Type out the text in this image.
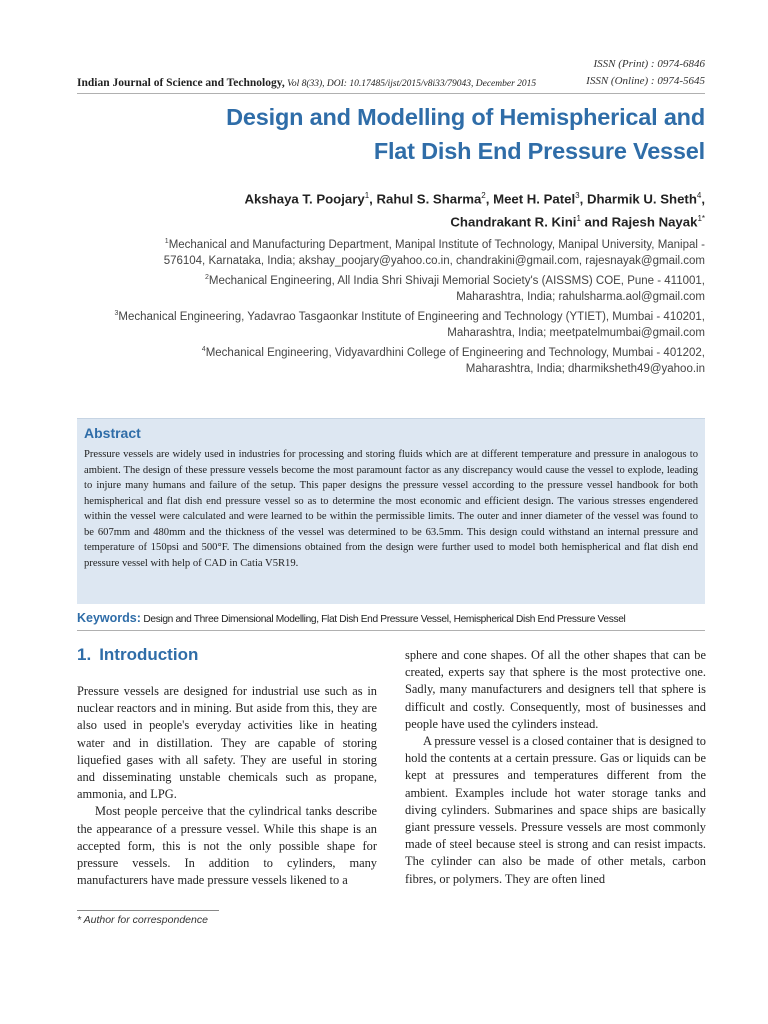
ISSN (Print) : 0974-6846
ISSN (Online) : 0974-5645
Indian Journal of Science and Technology, Vol 8(33), DOI: 10.17485/ijst/2015/v8i33/79043, December 2015
Design and Modelling of Hemispherical and
Flat Dish End Pressure Vessel
Akshaya T. Poojary$^1$, Rahul S. Sharma$^2$, Meet H. Patel$^3$, Dharmik U. Sheth$^4$,
Chandrakant R. Kini$^1$ and Rajesh Nayak$^{1*}$
$^1$Mechanical and Manufacturing Department, Manipal Institute of Technology, Manipal University, Manipal -
576104, Karnataka, India; akshay_poojary@yahoo.co.in, chandrakini@gmail.com, rajesnayak@gmail.com
$^2$Mechanical Engineering, All India Shri Shivaji Memorial Society's (AISSMS) COE, Pune - 411001,
Maharashtra, India; rahulsharma.aol@gmail.com
$^3$Mechanical Engineering, Yadavrao Tasgaonkar Institute of Engineering and Technology (YTIET), Mumbai - 410201,
Maharashtra, India; meetpatelmumbai@gmail.com
$^4$Mechanical Engineering, Vidyavardhini College of Engineering and Technology, Mumbai - 401202,
Maharashtra, India; dharmiksheth49@yahoo.in
Abstract

Pressure vessels are widely used in industries for processing and storing fluids which are at different temperature and pressure in analogous to ambient. The design of these pressure vessels become the most paramount factor as any discrepancy would cause the vessel to explode, leading to injure many humans and failure of the setup. This paper designs the pressure vessel according to the pressure vessel handbook for both hemispherical and flat dish end pressure vessel so as to determine the most economic and efficient design. The various stresses engendered within the vessel were calculated and were learned to be within the permissible limits. The outer and inner diameter of the vessel was found to be 607mm and 480mm and the thickness of the vessel was determined to be 63.5mm. This design could withstand an internal pressure and temperature of 150psi and 500°F. The dimensions obtained from the design were further used to model both hemispherical and flat dish end pressure vessel with help of CAD in Catia V5R19.

Keywords: Design and Three Dimensional Modelling, Flat Dish End Pressure Vessel, Hemispherical Dish End Pressure Vessel
1. Introduction

Pressure vessels are designed for industrial use such as in nuclear reactors and in mining. But aside from this, they are also used in people's everyday activities like in heating water and in distillation. They are capable of storing liquefied gases with all safety. They are useful in storing and disseminating unstable chemicals such as propane, ammonia, and LPG.

Most people perceive that the cylindrical tanks describe the appearance of a pressure vessel. While this shape is an accepted form, this is not the only possible shape for pressure vessels. In addition to cylinders, many manufacturers have made pressure vessels likened to a

sphere and cone shapes. Of all the other shapes that can be created, experts say that sphere is the most protective one. Sadly, many manufacturers and designers tell that sphere is difficult and costly. Consequently, most of businesses and people have used the cylinders instead.

A pressure vessel is a closed container that is designed to hold the contents at a certain pressure. Gas or liquids can be kept at pressures and temperatures different from the ambient. Examples include hot water storage tanks and diving cylinders. Submarines and space ships are basically giant pressure vessels. Pressure vessels are most commonly made of steel because steel is strong and can resist impacts. The cylinder can also be made of other metals, carbon fibres, or polymers. They are often lined

* Author for correspondence
